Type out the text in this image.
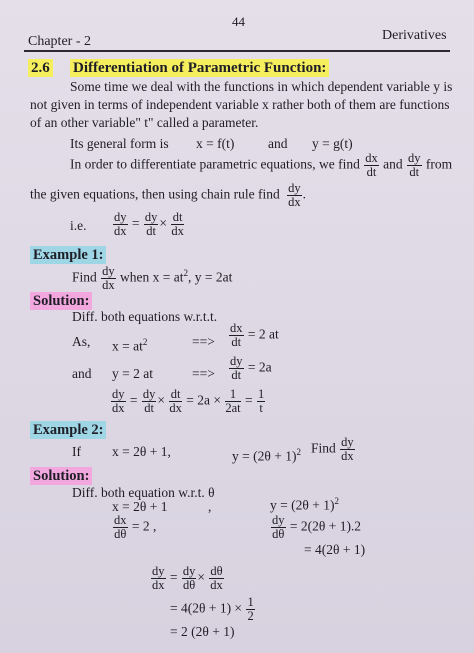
44
Chapter - 2	Derivatives
2.6 Differentiation of Parametric Function:
Some time we deal with the functions in which dependent variable y is
not given in terms of independent variable x rather both of them are functions
of an other variable" t" called a parameter.
Its general form is x = f(t) and y = g(t)
In order to differentiate parametric equations, we find $\frac{dx}{dt}$ and $\frac{dy}{dt}$ from
the given equations, then using chain rule find $\frac{dy}{dx}$ .
i.e. $\frac{dy}{dx} = \frac{dy}{dt} \times \frac{dt}{dx}$
Example 1:
Find $\frac{dy}{dx}$ when $x = at^2$, y = 2at
Solution:
Diff. both equations w.r.t.t.
As, $x = at^2$	==> $\frac{dx}{dt} = 2$ at
and y = 2 at	==> $\frac{dy}{dt} = 2a$
$\frac{dy}{dx} = \frac{dy}{dt} \times \frac{dt}{dx} = 2a \times \frac{1}{2at} = \frac{1}{t}$
Example 2:
If x = 2θ + 1,	$y = (2\theta + 1)^2$ Find $\frac{dy}{dx}$
Solution:
Diff. both equation w.r.t. θ
x = 2θ + 1	,	$y = (2\theta + 1)^2$
$\frac{dx}{d\theta} = 2$ ,	$\frac{dy}{d\theta} = 2(2\theta + 1).2$
= 4(2θ + 1)
$\frac{dy}{dx} = \frac{dy}{d\theta} \times \frac{d\theta}{dx}$
= $4(2\theta + 1) \times \frac{1}{2}$
= 2 (2θ + 1)
